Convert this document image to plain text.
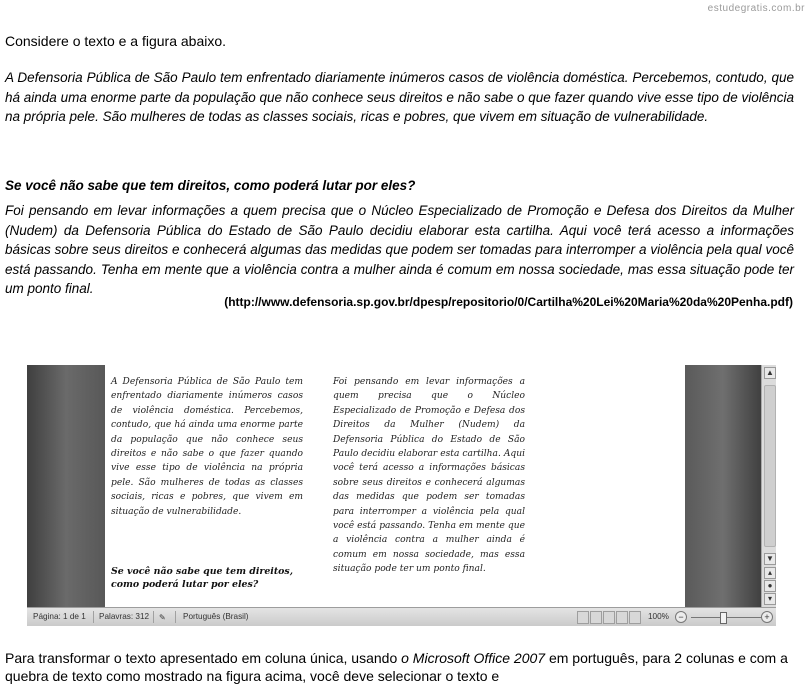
estudegratis.com.br
Considere o texto e a figura abaixo.
A Defensoria Pública de São Paulo tem enfrentado diariamente inúmeros casos de violência doméstica. Percebemos, contudo, que há ainda uma enorme parte da população que não conhece seus direitos e não sabe o que fazer quando vive esse tipo de violência na própria pele. São mulheres de todas as classes sociais, ricas e pobres, que vivem em situação de vulnerabilidade.
Se você não sabe que tem direitos, como poderá lutar por eles?
Foi pensando em levar informações a quem precisa que o Núcleo Especializado de Promoção e Defesa dos Direitos da Mulher (Nudem) da Defensoria Pública do Estado de São Paulo decidiu elaborar esta cartilha. Aqui você terá acesso a informações básicas sobre seus direitos e conhecerá algumas das medidas que podem ser tomadas para interromper a violência pela qual você está passando. Tenha em mente que a violência contra a mulher ainda é comum em nossa sociedade, mas essa situação pode ter um ponto final.
(http://www.defensoria.sp.gov.br/dpesp/repositorio/0/Cartilha%20Lei%20Maria%20da%20Penha.pdf)
A Defensoria Pública de São Paulo tem enfrentado diariamente inúmeros casos de violência doméstica. Percebemos, contudo, que há ainda uma enorme parte da população que não conhece seus direitos e não sabe o que fazer quando vive esse tipo de violência na própria pele. São mulheres de todas as classes sociais, ricas e pobres, que vivem em situação de vulnerabilidade.
Se você não sabe que tem direitos, como poderá lutar por eles?
Foi pensando em levar informações a quem precisa que o Núcleo Especializado de Promoção e Defesa dos Direitos da Mulher (Nudem) da Defensoria Pública do Estado de São Paulo decidiu elaborar esta cartilha. Aqui você terá acesso a informações básicas sobre seus direitos e conhecerá algumas das medidas que podem ser tomadas para interromper a violência pela qual você está passando. Tenha em mente que a violência contra a mulher ainda é comum em nossa sociedade, mas essa situação pode ter um ponto final.
▲
▼
▴
●
▾
Página: 1 de 1 Palavras: 312 ✎ Português (Brasil)	100%	−	+
Para transformar o texto apresentado em coluna única, usando o Microsoft Office 2007 em português, para 2 colunas e com a quebra de texto como mostrado na figura acima, você deve selecionar o texto e
